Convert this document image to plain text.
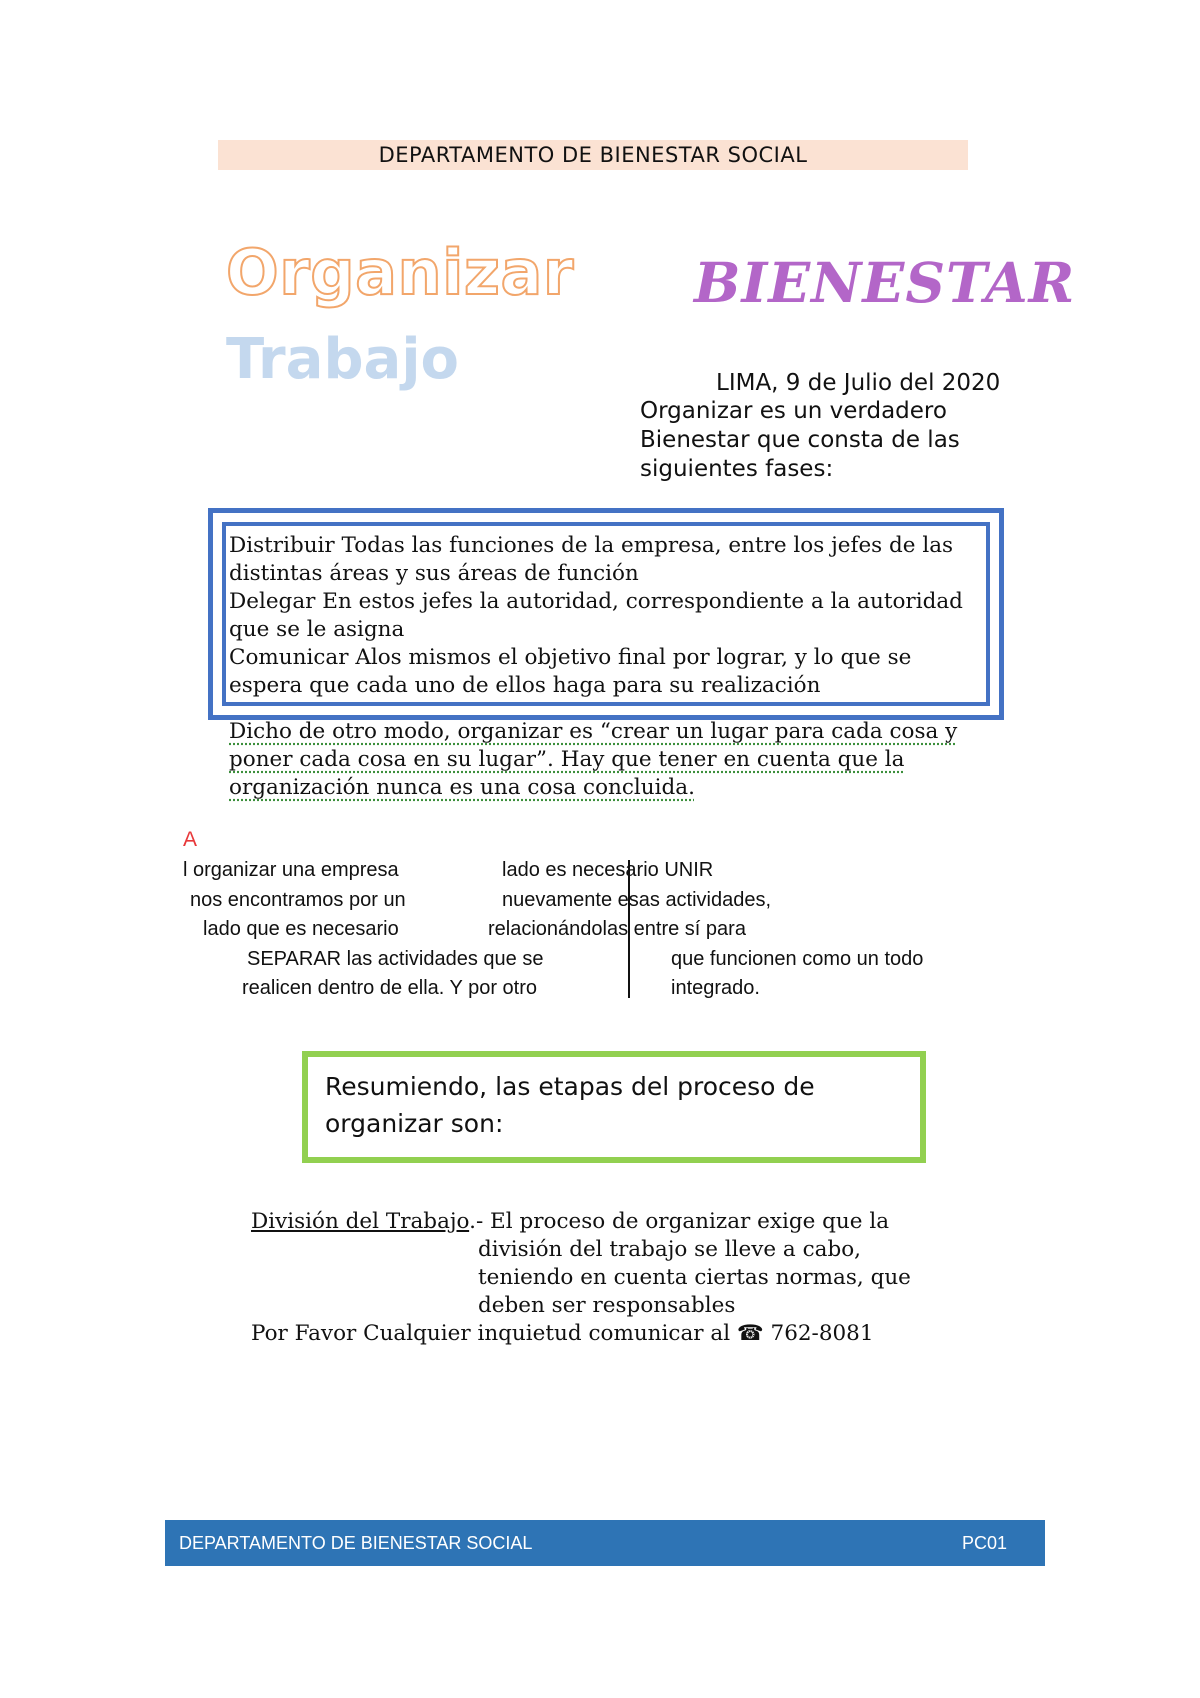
DEPARTAMENTO DE BIENESTAR SOCIAL
Organizar
Trabajo
BIENESTAR
LIMA, 9 de Julio del 2020
Organizar es un verdadero
Bienestar que consta de las
siguientes fases:
Distribuir Todas las funciones de la empresa, entre los jefes de las
distintas áreas y sus áreas de función
Delegar En estos jefes la autoridad, correspondiente a la autoridad
que se le asigna
Comunicar Alos mismos el objetivo final por lograr, y lo que se
espera que cada uno de ellos haga para su realización
Dicho de otro modo, organizar es “crear un lugar para cada cosa y
poner cada cosa en su lugar”. Hay que tener en cuenta que la
organización nunca es una cosa concluida.
A
l organizar una empresa
nos encontramos por un
lado que es necesario
SEPARAR las actividades que se
realicen dentro de ella. Y por otro
lado es necesario UNIR
nuevamente esas actividades,
relacionándolas entre sí para
que funcionen como un todo
integrado.
Resumiendo, las etapas del proceso de
organizar son:
División del Trabajo.- El proceso de organizar exige que la
división del trabajo se lleve a cabo,
teniendo en cuenta ciertas normas, que
deben ser responsables
Por Favor Cualquier inquietud comunicar al ☎ 762-8081
DEPARTAMENTO DE BIENESTAR SOCIAL	PC01
